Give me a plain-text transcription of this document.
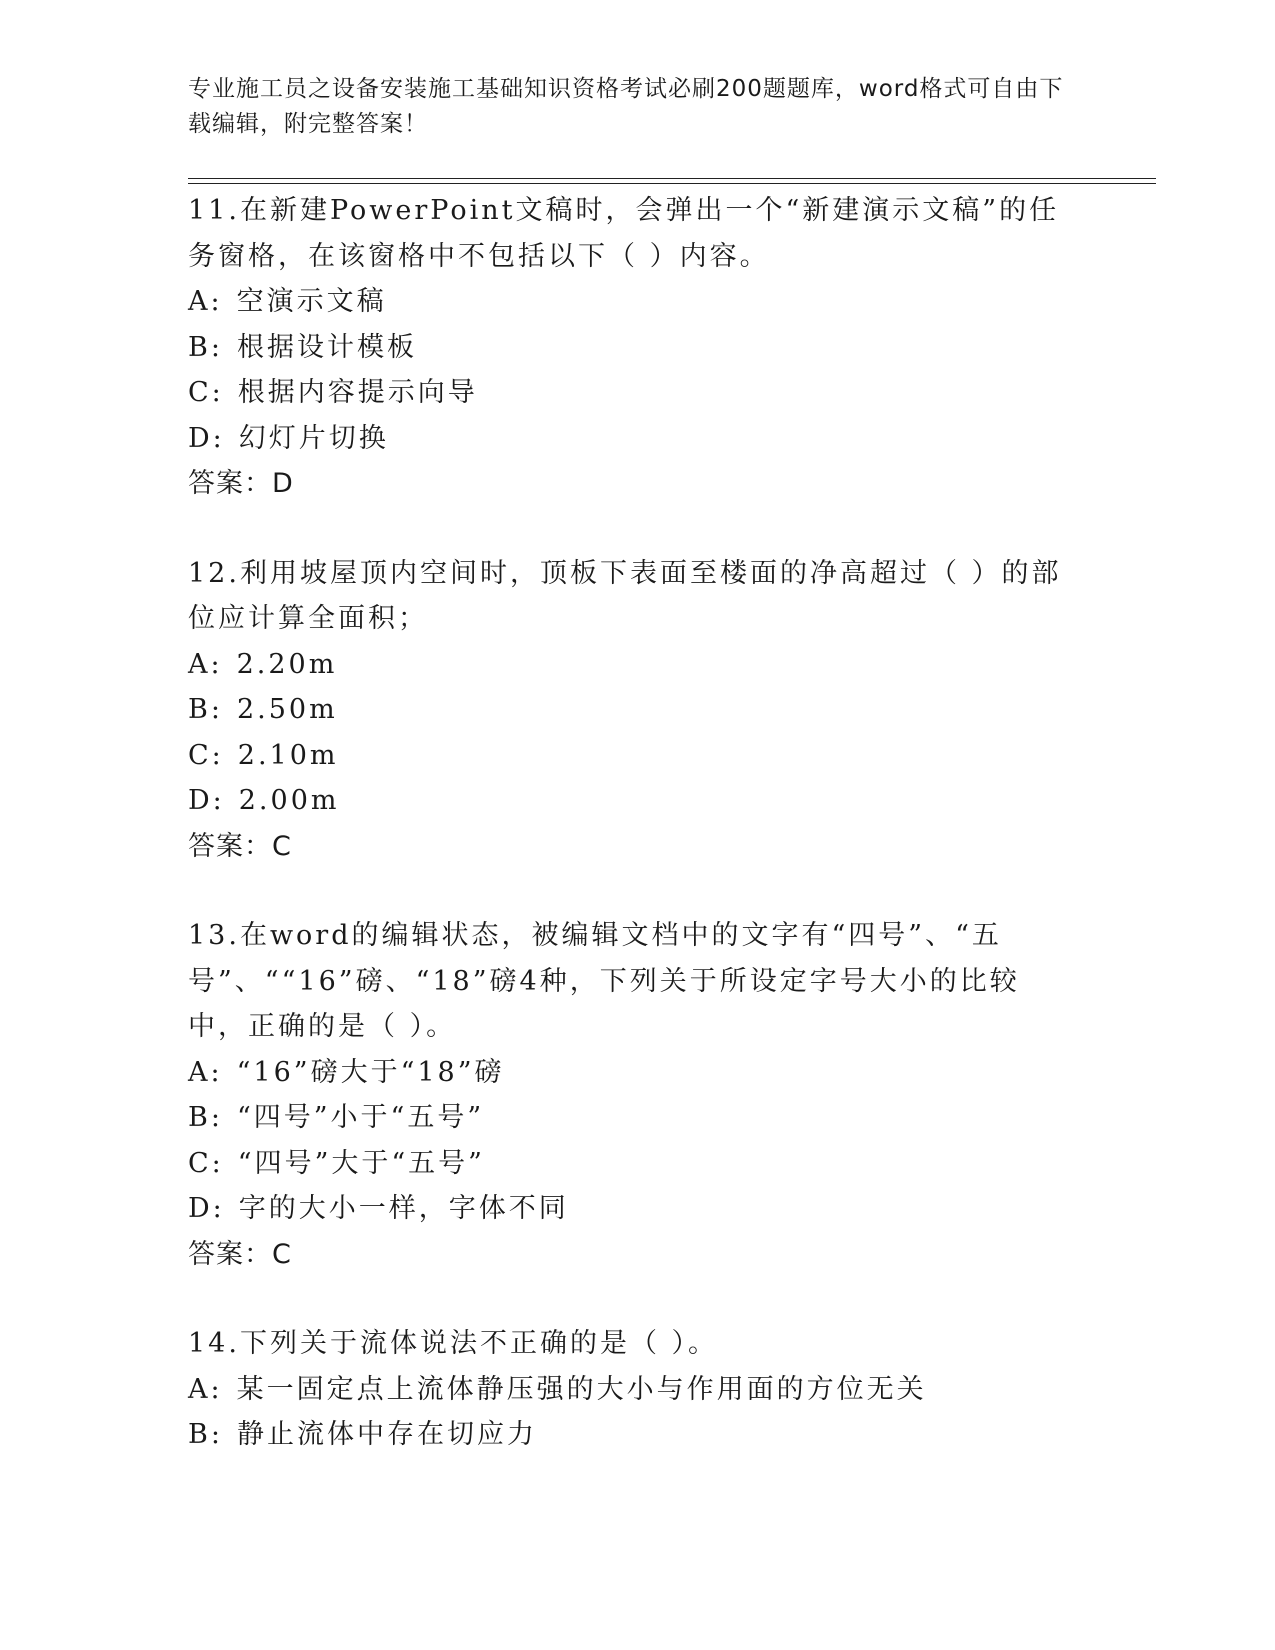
专业施工员之设备安装施工基础知识资格考试必刷200题题库，word格式可自由下载编辑，附完整答案！

11.在新建PowerPoint文稿时，会弹出一个“新建演示文稿”的任务窗格，在该窗格中不包括以下（ ）内容。

A: 空演示文稿
B: 根据设计模板
C: 根据内容提示向导
D: 幻灯片切换
答案：D

12.利用坡屋顶内空间时，顶板下表面至楼面的净高超过（ ）的部位应计算全面积；

A: 2.20m
B: 2.50m
C: 2.10m
D: 2.00m
答案：C

13.在word的编辑状态，被编辑文档中的文字有“四号”、“五号”、““16”磅、“18”磅4种，下列关于所设定字号大小的比较中，正确的是（ ）。

A: “16”磅大于“18”磅
B: “四号”小于“五号”
C: “四号”大于“五号”
D: 字的大小一样，字体不同
答案：C

14.下列关于流体说法不正确的是（ ）。

A: 某一固定点上流体静压强的大小与作用面的方位无关
B: 静止流体中存在切应力
